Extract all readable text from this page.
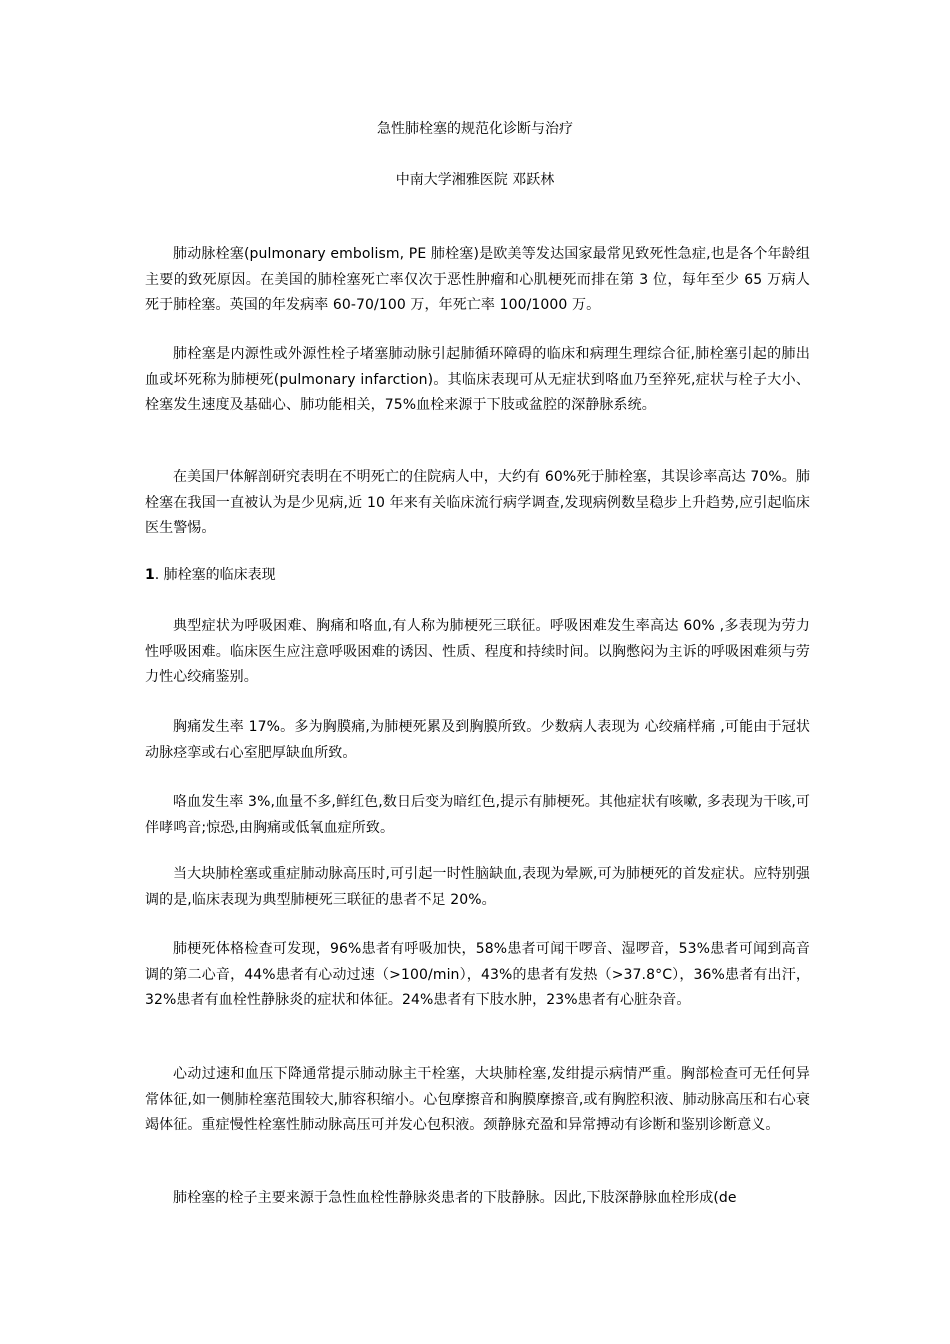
急性肺栓塞的规范化诊断与治疗
中南大学湘雅医院 邓跃林
肺动脉栓塞(pulmonary embolism, PE 肺栓塞)是欧美等发达国家最常见致死性急症,也是各个年龄组主要的致死原因。在美国的肺栓塞死亡率仅次于恶性肿瘤和心肌梗死而排在第 3 位，每年至少 65 万病人死于肺栓塞。英国的年发病率 60-70/100 万，年死亡率 100/1000 万。
肺栓塞是内源性或外源性栓子堵塞肺动脉引起肺循环障碍的临床和病理生理综合征,肺栓塞引起的肺出血或坏死称为肺梗死(pulmonary infarction)。其临床表现可从无症状到咯血乃至猝死,症状与栓子大小、栓塞发生速度及基础心、肺功能相关，75%血栓来源于下肢或盆腔的深静脉系统。
在美国尸体解剖研究表明在不明死亡的住院病人中，大约有 60%死于肺栓塞，其误诊率高达 70%。肺栓塞在我国一直被认为是少见病,近 10 年来有关临床流行病学调查,发现病例数呈稳步上升趋势,应引起临床医生警惕。
1. 肺栓塞的临床表现
典型症状为呼吸困难、胸痛和咯血,有人称为肺梗死三联征。呼吸困难发生率高达 60% ,多表现为劳力性呼吸困难。临床医生应注意呼吸困难的诱因、性质、程度和持续时间。以胸憋闷为主诉的呼吸困难须与劳力性心绞痛鉴别。
胸痛发生率 17%。多为胸膜痛,为肺梗死累及到胸膜所致。少数病人表现为 心绞痛样痛 ,可能由于冠状动脉痉挛或右心室肥厚缺血所致。
咯血发生率 3%,血量不多,鲜红色,数日后变为暗红色,提示有肺梗死。其他症状有咳嗽, 多表现为干咳,可伴哮鸣音;惊恐,由胸痛或低氧血症所致。
当大块肺栓塞或重症肺动脉高压时,可引起一时性脑缺血,表现为晕厥,可为肺梗死的首发症状。应特别强调的是,临床表现为典型肺梗死三联征的患者不足 20%。
肺梗死体格检查可发现，96%患者有呼吸加快，58%患者可闻干啰音、湿啰音，53%患者可闻到高音调的第二心音，44%患者有心动过速（>100/min），43%的患者有发热（>37.8°C），36%患者有出汗，32%患者有血栓性静脉炎的症状和体征。24%患者有下肢水肿，23%患者有心脏杂音。
心动过速和血压下降通常提示肺动脉主干栓塞，大块肺栓塞,发绀提示病情严重。胸部检查可无任何异常体征,如一侧肺栓塞范围较大,肺容积缩小。心包摩擦音和胸膜摩擦音,或有胸腔积液、肺动脉高压和右心衰竭体征。重症慢性栓塞性肺动脉高压可并发心包积液。颈静脉充盈和异常搏动有诊断和鉴别诊断意义。
肺栓塞的栓子主要来源于急性血栓性静脉炎患者的下肢静脉。因此,下肢深静脉血栓形成(de
